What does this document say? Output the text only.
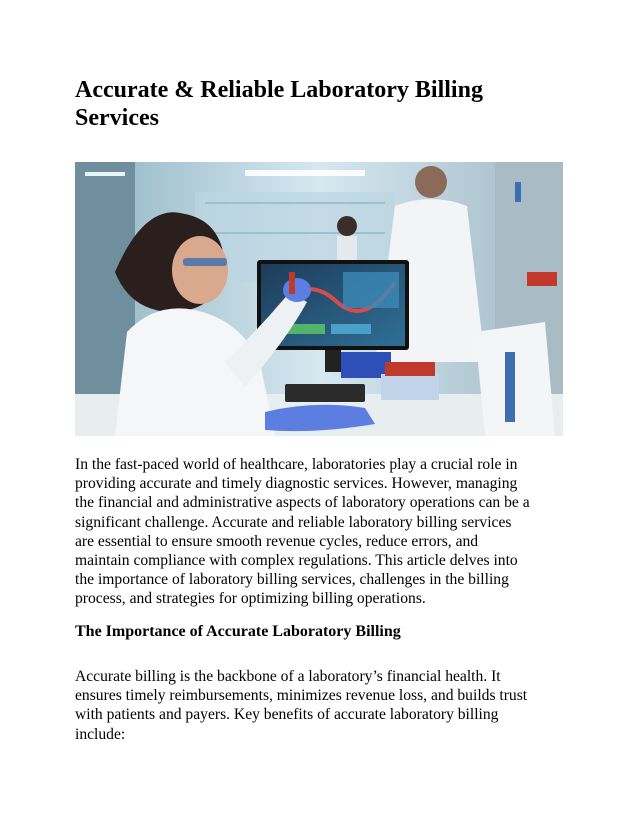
Accurate & Reliable Laboratory Billing
Services

In the fast-paced world of healthcare, laboratories play a crucial role in
providing accurate and timely diagnostic services. However, managing
the financial and administrative aspects of laboratory operations can be a
significant challenge. Accurate and reliable laboratory billing services
are essential to ensure smooth revenue cycles, reduce errors, and
maintain compliance with complex regulations. This article delves into
the importance of laboratory billing services, challenges in the billing
process, and strategies for optimizing billing operations.

The Importance of Accurate Laboratory Billing

Accurate billing is the backbone of a laboratory’s financial health. It
ensures timely reimbursements, minimizes revenue loss, and builds trust
with patients and payers. Key benefits of accurate laboratory billing
include:
